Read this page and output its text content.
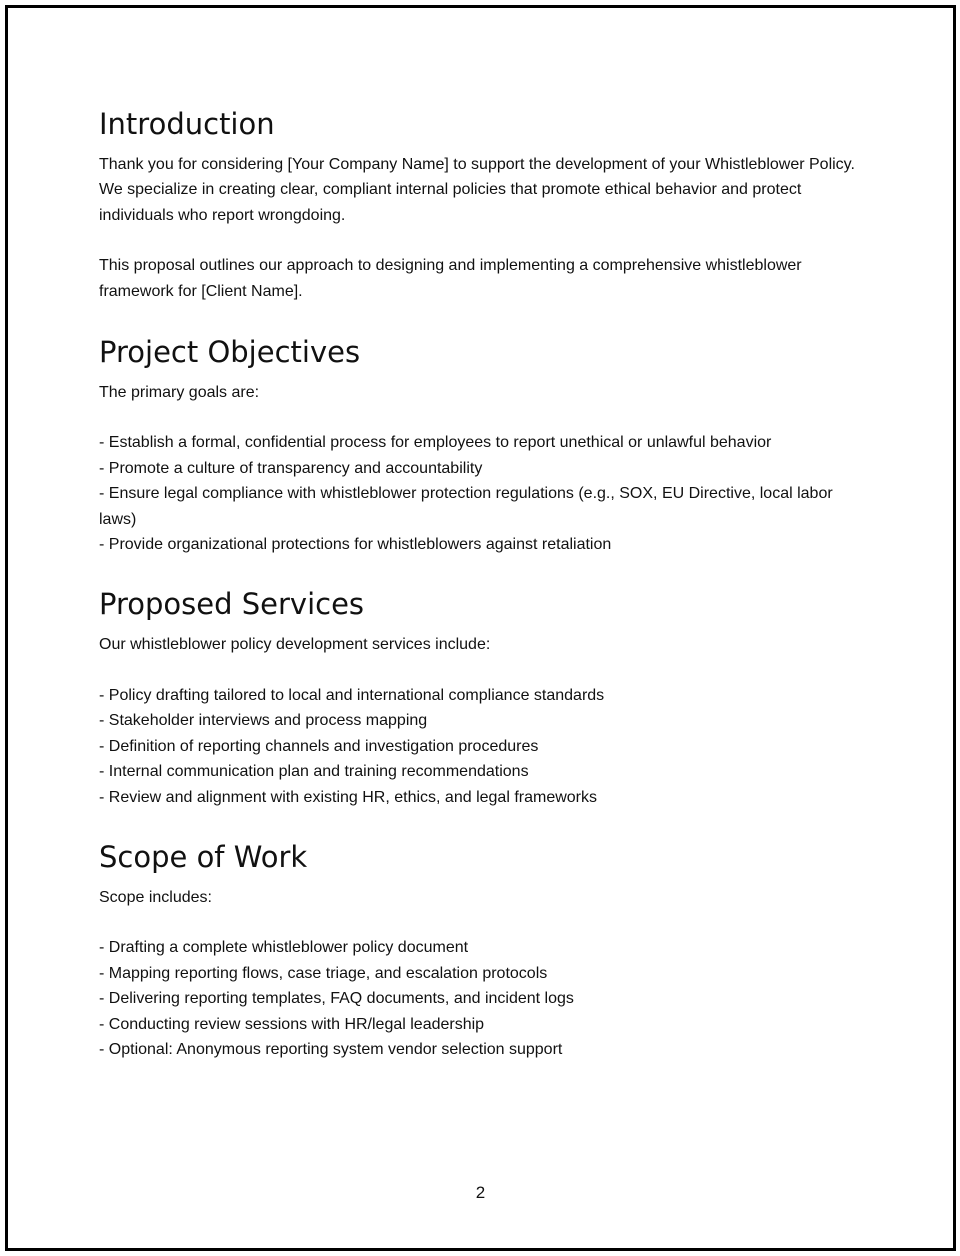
Introduction

Thank you for considering [Your Company Name] to support the development of your Whistleblower Policy. We specialize in creating clear, compliant internal policies that promote ethical behavior and protect individuals who report wrongdoing.

This proposal outlines our approach to designing and implementing a comprehensive whistleblower framework for [Client Name].

Project Objectives

The primary goals are:

- Establish a formal, confidential process for employees to report unethical or unlawful behavior
- Promote a culture of transparency and accountability
- Ensure legal compliance with whistleblower protection regulations (e.g., SOX, EU Directive, local labor laws)
- Provide organizational protections for whistleblowers against retaliation
Proposed Services

Our whistleblower policy development services include:

- Policy drafting tailored to local and international compliance standards
- Stakeholder interviews and process mapping
- Definition of reporting channels and investigation procedures
- Internal communication plan and training recommendations
- Review and alignment with existing HR, ethics, and legal frameworks
Scope of Work

Scope includes:

- Drafting a complete whistleblower policy document
- Mapping reporting flows, case triage, and escalation protocols
- Delivering reporting templates, FAQ documents, and incident logs
- Conducting review sessions with HR/legal leadership
- Optional: Anonymous reporting system vendor selection support
2
